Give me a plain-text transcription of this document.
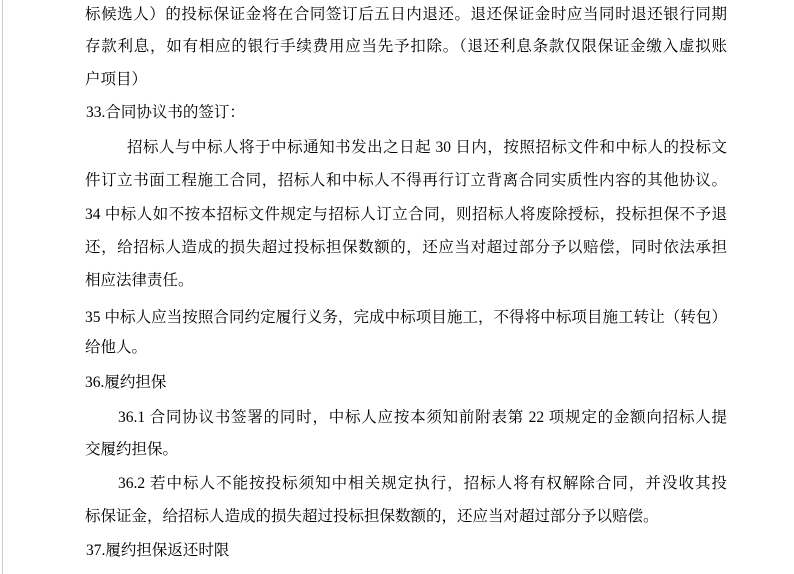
标候选人）的投标保证金将在合同签订后五日内退还。退还保证金时应当同时退还银行同期
存款利息，如有相应的银行手续费用应当先予扣除。（退还利息条款仅限保证金缴入虚拟账
户项目）
33.合同协议书的签订：
招标人与中标人将于中标通知书发出之日起 30 日内，按照招标文件和中标人的投标文
件订立书面工程施工合同，招标人和中标人不得再行订立背离合同实质性内容的其他协议。
34 中标人如不按本招标文件规定与招标人订立合同，则招标人将废除授标，投标担保不予退
还，给招标人造成的损失超过投标担保数额的，还应当对超过部分予以赔偿，同时依法承担
相应法律责任。
35 中标人应当按照合同约定履行义务，完成中标项目施工，不得将中标项目施工转让（转包）
给他人。
36.履约担保
36.1 合同协议书签署的同时，中标人应按本须知前附表第 22 项规定的金额向招标人提
交履约担保。
36.2 若中标人不能按投标须知中相关规定执行，招标人将有权解除合同，并没收其投
标保证金，给招标人造成的损失超过投标担保数额的，还应当对超过部分予以赔偿。
37.履约担保返还时限
